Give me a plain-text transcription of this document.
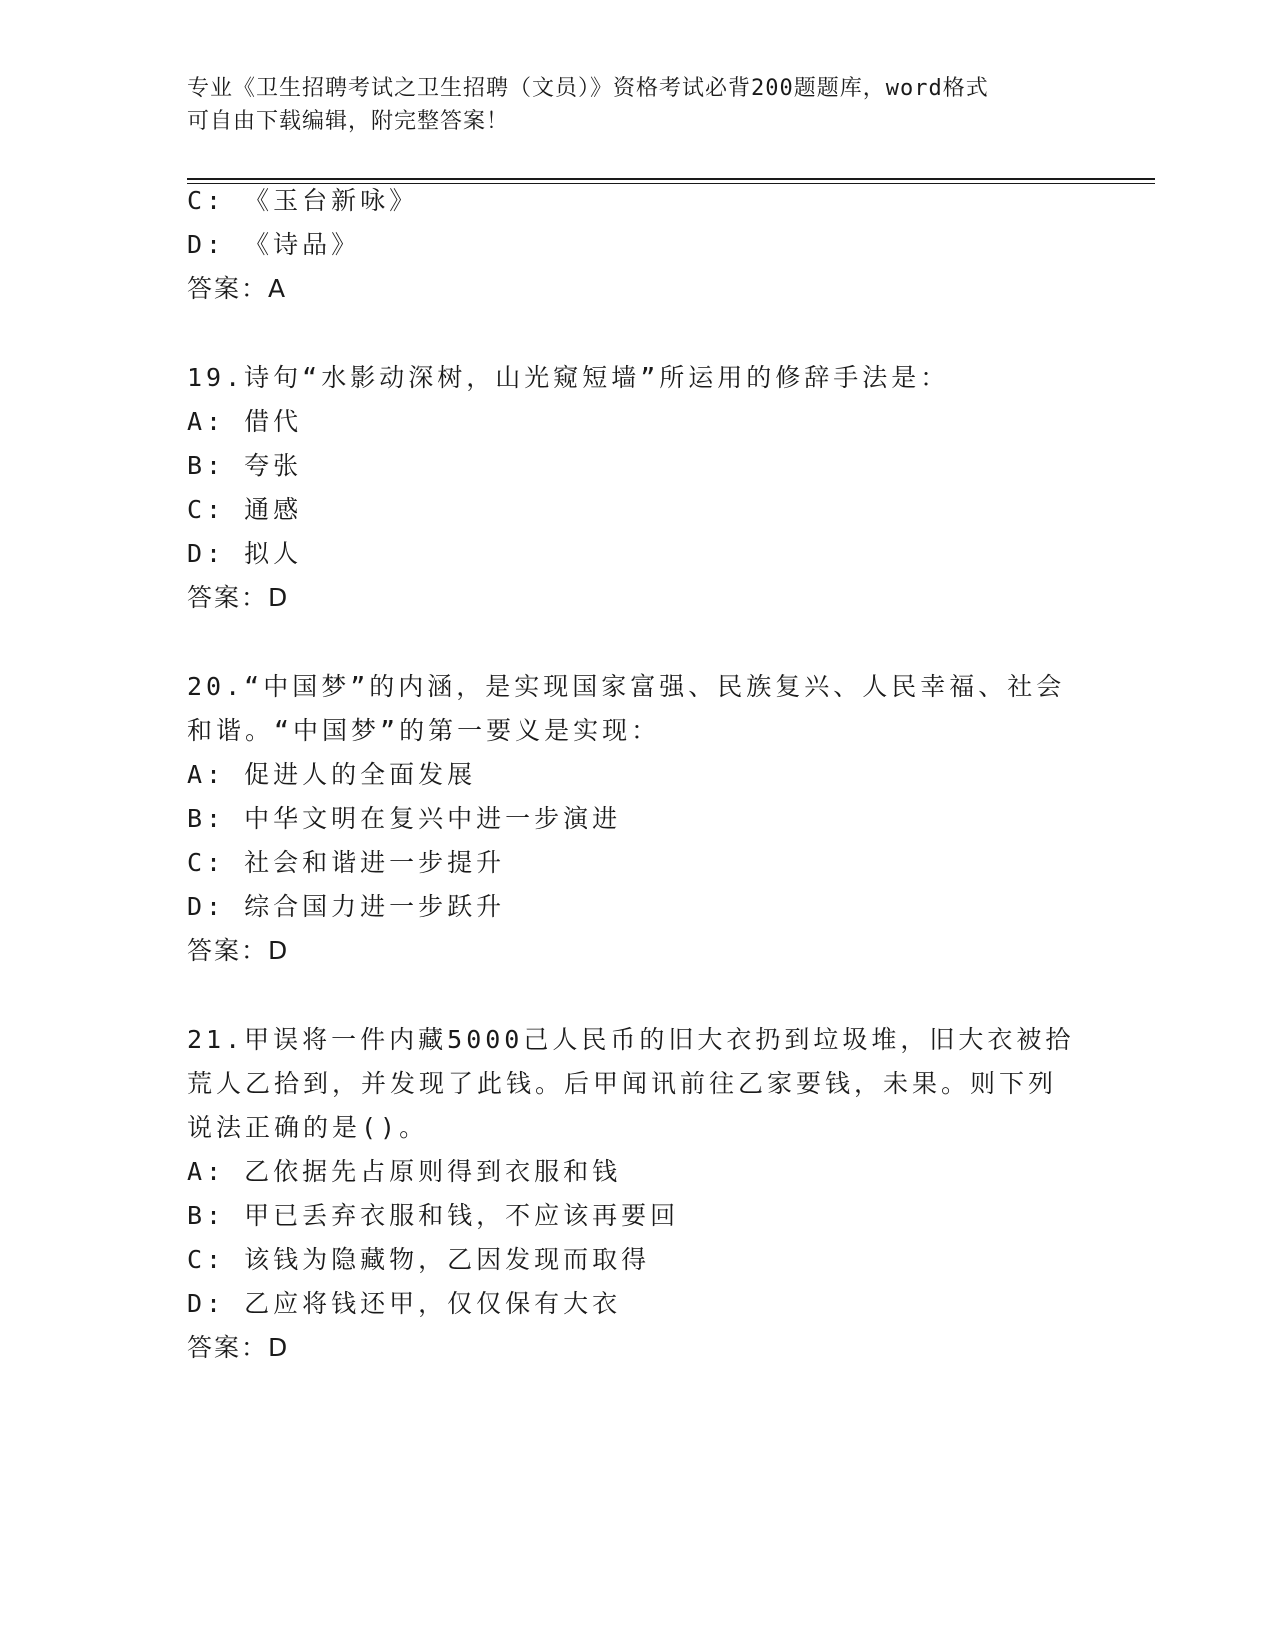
专业《卫生招聘考试之卫生招聘（文员）》资格考试必背200题题库，word格式
可自由下载编辑，附完整答案！
C: 《玉台新咏》
D: 《诗品》
答案：A
19.诗句“水影动深树，山光窥短墙”所运用的修辞手法是：
A: 借代
B: 夸张
C: 通感
D: 拟人
答案：D
20.“中国梦”的内涵，是实现国家富强、民族复兴、人民幸福、社会
和谐。“中国梦”的第一要义是实现：
A: 促进人的全面发展
B: 中华文明在复兴中进一步演进
C: 社会和谐进一步提升
D: 综合国力进一步跃升
答案：D
21.甲误将一件内藏5000己人民币的旧大衣扔到垃圾堆，旧大衣被拾
荒人乙拾到，并发现了此钱。后甲闻讯前往乙家要钱，未果。则下列
说法正确的是()。
A: 乙依据先占原则得到衣服和钱
B: 甲已丢弃衣服和钱，不应该再要回
C: 该钱为隐藏物，乙因发现而取得
D: 乙应将钱还甲，仅仅保有大衣
答案：D
